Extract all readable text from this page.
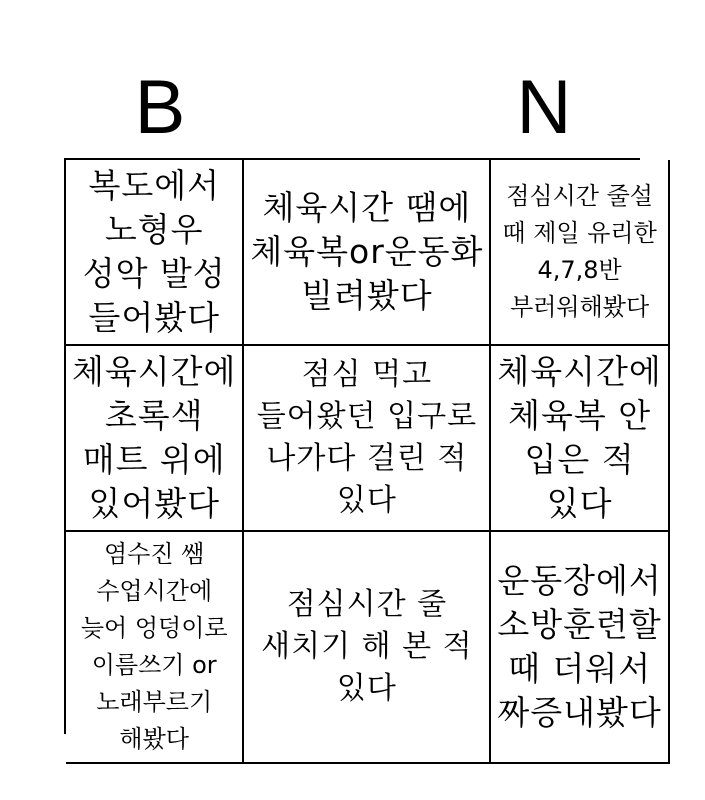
B	N
복도에서 노형우 성악 발성 들어봤다
체육시간 땜에 체육복or운동화 빌려봤다
점심시간 줄설 때 제일 유리한 4,7,8반 부러워해봤다
체육시간에 초록색 매트 위에 있어봤다
점심 먹고 들어왔던 입구로 나가다 걸린 적 있다
체육시간에 체육복 안 입은 적 있다
염수진 쌤 수업시간에 늦어 엉덩이로 이름쓰기 or 노래부르기 해봤다
점심시간 줄 새치기 해 본 적 있다
운동장에서 소방훈련할 때 더워서 짜증내봤다
